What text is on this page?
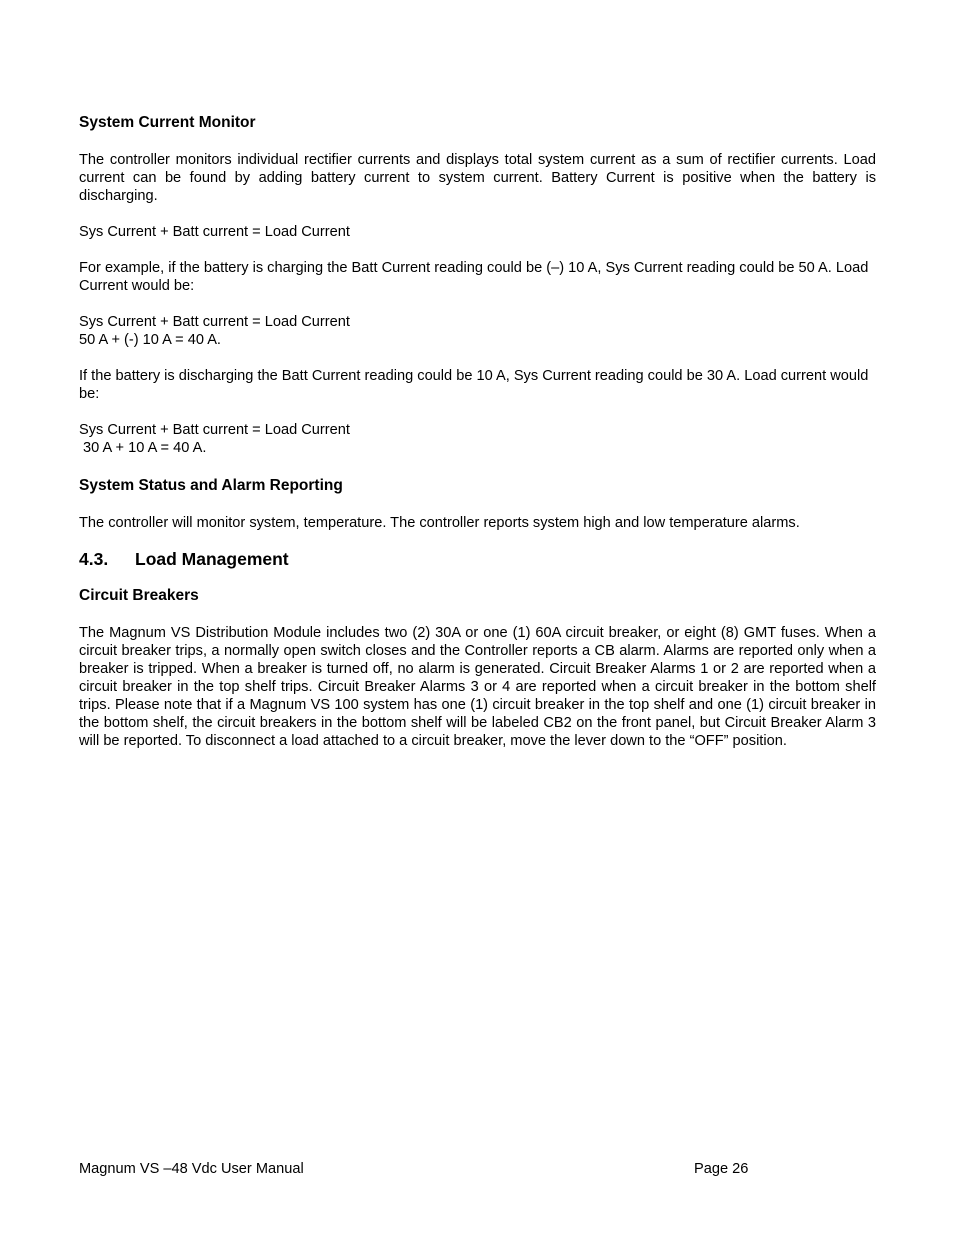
System Current Monitor

The controller monitors individual rectifier currents and displays total system current as a sum of rectifier currents. Load current can be found by adding battery current to system current. Battery Current is positive when the battery is discharging.

Sys Current + Batt current = Load Current

For example, if the battery is charging the Batt Current reading could be (–) 10 A, Sys Current reading could be 50 A. Load Current would be:

Sys Current + Batt current = Load Current
50 A + (-) 10 A = 40 A.

If the battery is discharging the Batt Current reading could be 10 A, Sys Current reading could be 30 A. Load current would be:

Sys Current + Batt current = Load Current
30 A + 10 A = 40 A.

System Status and Alarm Reporting

The controller will monitor system, temperature. The controller reports system high and low temperature alarms.

4.3. Load Management
Circuit Breakers

The Magnum VS Distribution Module includes two (2) 30A or one (1) 60A circuit breaker, or eight (8) GMT fuses. When a circuit breaker trips, a normally open switch closes and the Controller reports a CB alarm. Alarms are reported only when a breaker is tripped. When a breaker is turned off, no alarm is generated. Circuit Breaker Alarms 1 or 2 are reported when a circuit breaker in the top shelf trips. Circuit Breaker Alarms 3 or 4 are reported when a circuit breaker in the bottom shelf trips. Please note that if a Magnum VS 100 system has one (1) circuit breaker in the top shelf and one (1) circuit breaker in the bottom shelf, the circuit breakers in the bottom shelf will be labeled CB2 on the front panel, but Circuit Breaker Alarm 3 will be reported. To disconnect a load attached to a circuit breaker, move the lever down to the “OFF” position.

Magnum VS –48 Vdc User Manual	Page 26
